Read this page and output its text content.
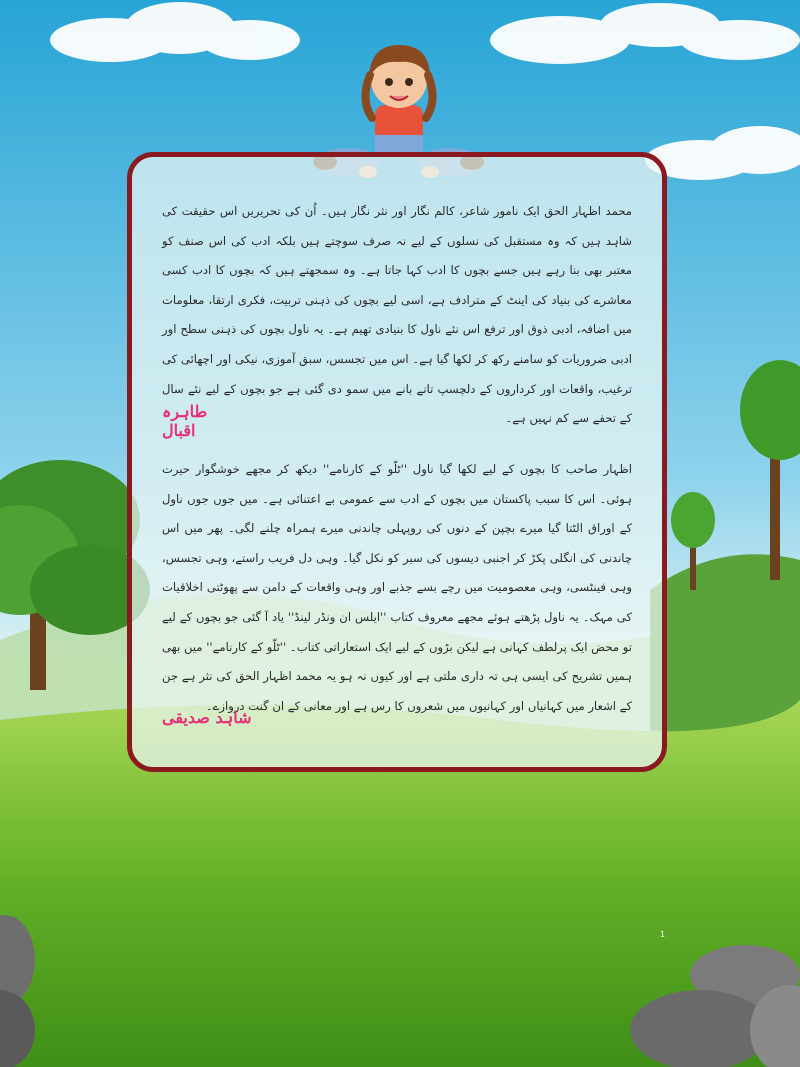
محمد اظہار الحق ایک نامور شاعر، کالم نگار اور نثر نگار ہیں۔ اُن کی تحریریں اس حقیقت کی شاہد ہیں کہ وہ مستقبل کی نسلوں کے لیے نہ صرف سوچتے ہیں بلکہ ادب کی اس صنف کو معتبر بھی بنا رہے ہیں جسے بچوں کا ادب کہا جاتا ہے۔ وہ سمجھتے ہیں کہ بچوں کا ادب کسی معاشرے کی بنیاد کی اینٹ کے مترادف ہے، اسی لیے بچوں کی ذہنی تربیت، فکری ارتقا، معلومات میں اضافہ، ادبی ذوق اور ترفع اس نئے ناول کا بنیادی تھیم ہے۔ یہ ناول بچوں کی ذہنی سطح اور ادبی ضروریات کو سامنے رکھ کر لکھا گیا ہے۔ اس میں تجسس، سبق آموزی، نیکی اور اچھائی کی ترغیب، واقعات اور کرداروں کے دلچسپ تانے بانے میں سمو دی گئی ہے جو بچوں کے لیے نئے سال کے تحفے سے کم نہیں ہے۔
طاہرہ اقبال
اظہار صاحب کا بچوں کے لیے لکھا گیا ناول ''ٹلّو کے کارنامے'' دیکھ کر مجھے خوشگوار حیرت ہوئی۔ اس کا سبب پاکستان میں بچوں کے ادب سے عمومی بے اعتنائی ہے۔ میں جوں جوں ناول کے اوراق الٹتا گیا میرے بچپن کے دنوں کی روپہلی چاندنی میرے ہمراہ چلنے لگی۔ پھر میں اس چاندنی کی انگلی پکڑ کر اجنبی دیسوں کی سیر کو نکل گیا۔ وہی دل فریب راستے، وہی تجسس، وہی فینٹسی، وہی معصومیت میں رچے بسے جذبے اور وہی واقعات کے دامن سے پھوٹتی اخلاقیات کی مہک۔ یہ ناول پڑھتے ہوئے مجھے معروف کتاب ''ایلس ان ونڈر لینڈ'' یاد آ گئی جو بچوں کے لیے تو محض ایک پرلطف کہانی ہے لیکن بڑوں کے لیے ایک استعاراتی کتاب۔ ''ٹلّو کے کارنامے'' میں بھی ہمیں تشریح کی ایسی ہی تہ داری ملتی ہے اور کیوں نہ ہو یہ محمد اظہار الحق کی نثر ہے جن کے اشعار میں کہانیاں اور کہانیوں میں شعروں کا رس ہے اور معانی کے ان گنت دروازے۔
شاہد صدیقی
1
